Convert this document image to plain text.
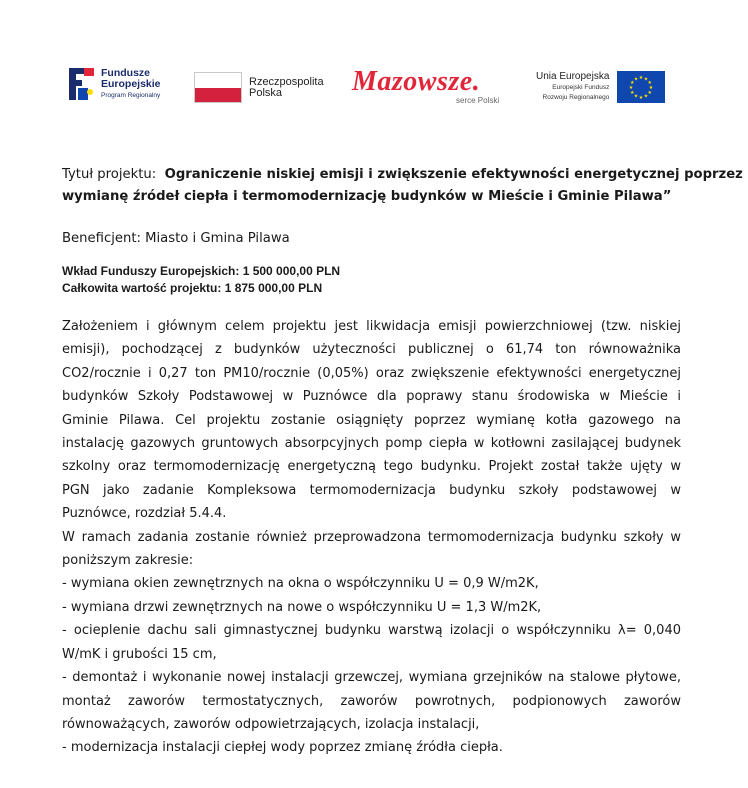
Fundusze
Europejskie
Program Regionalny
Rzeczpospolita
Polska	Mazowsze.
serce Polski
Unia Europejska
Europejski Fundusz
Rozwoju Regionalnego
★ ★
★
★
★
★
★
★
★
★
★
★
Tytuł projektu: Ograniczenie niskiej emisji i zwiększenie efektywności energetycznej poprzez
wymianę źródeł ciepła i termomodernizację budynków w Mieście i Gminie Pilawa”
Beneficjent: Miasto i Gmina Pilawa
Wkład Funduszy Europejskich: 1 500 000,00 PLN
Całkowita wartość projektu: 1 875 000,00 PLN

Założeniem i głównym celem projektu jest likwidacja emisji powierzchniowej (tzw. niskiej

emisji), pochodzącej z budynków użyteczności publicznej o 61,74 ton równoważnika

CO2/rocznie i 0,27 ton PM10/rocznie (0,05%) oraz zwiększenie efektywności energetycznej

budynków Szkoły Podstawowej w Puznówce dla poprawy stanu środowiska w Mieście i

Gminie Pilawa. Cel projektu zostanie osiągnięty poprzez wymianę kotła gazowego na

instalację gazowych gruntowych absorpcyjnych pomp ciepła w kotłowni zasilającej budynek

szkolny oraz termomodernizację energetyczną tego budynku. Projekt został także ujęty w

PGN jako zadanie Kompleksowa termomodernizacja budynku szkoły podstawowej w

Puznówce, rozdział 5.4.4.

W ramach zadania zostanie również przeprowadzona termomodernizacja budynku szkoły w

poniższym zakresie:

- wymiana okien zewnętrznych na okna o współczynniku U = 0,9 W/m2K,

- wymiana drzwi zewnętrznych na nowe o współczynniku U = 1,3 W/m2K,

- ocieplenie dachu sali gimnastycznej budynku warstwą izolacji o współczynniku λ= 0,040

W/mK i grubości 15 cm,

- demontaż i wykonanie nowej instalacji grzewczej, wymiana grzejników na stalowe płytowe,

montaż zaworów termostatycznych, zaworów powrotnych, podpionowych zaworów

równoważących, zaworów odpowietrzających, izolacja instalacji,

- modernizacja instalacji ciepłej wody poprzez zmianę źródła ciepła.
